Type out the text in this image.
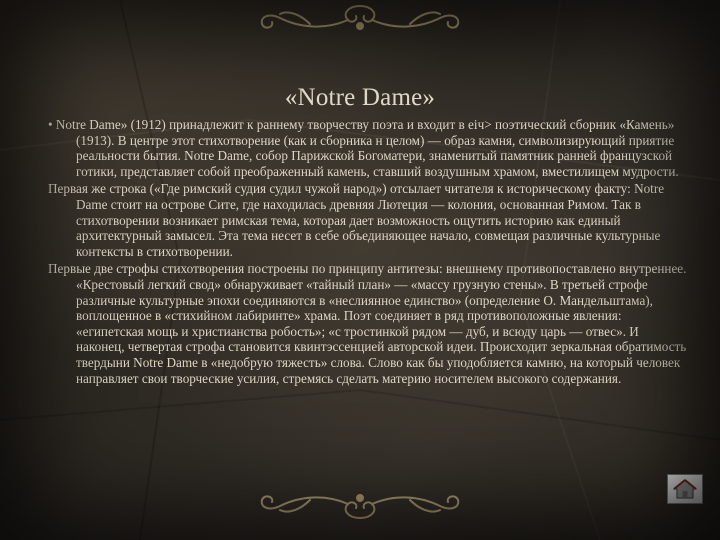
«Notre Dame»

• Notre Dame» (1912) принадлежит к раннему творчеству поэта и входит в еіч> поэтический сборник «Камень» (1913). В центре этот стихотворение (как и сборника н целом) — образ камня, символизирующий приятие реальности бытия. Notre Dame, собор Парижской Богоматери, знаменитый памятник ранней французской готики, представляет собой преображенный камень, ставший воздушным храмом, вместилищем мудрости.

Первая же строка («Где римский судия судил чужой народ») отсылает читателя к историческому факту: Notre Dame стоит на острове Сите, где находилась древняя Лютеция — колония, основанная Римом. Так в стихотворении возникает римская тема, которая дает возможность ощутить историю как единый архитектурный замысел. Эта тема несет в себе объединяющее начало, совмещая различные культурные контексты в стихотворении.

Первые две строфы стихотворения построены по принципу антитезы: внешнему противопоставлено внутреннее. «Крестовый легкий свод» обнаруживает «тайный план» — «массу грузную стены». В третьей строфе различные культурные эпохи соединяются в «неслиянное единство» (определение О. Мандельштама), воплощенное в «стихийном лабиринте» храма. Поэт соединяет в ряд противоположные явления: «египетская мощь и христианства робость»; «с тростинкой рядом — дуб, и всюду царь — отвес». И наконец, четвертая строфа становится квинтэссенцией авторской идеи. Происходит зеркальная обратимость твердыни Notre Dame в «недобрую тяжесть» слова. Слово как бы уподобляется камню, на который человек направляет свои творческие усилия, стремясь сделать материю носителем высокого содержания.
